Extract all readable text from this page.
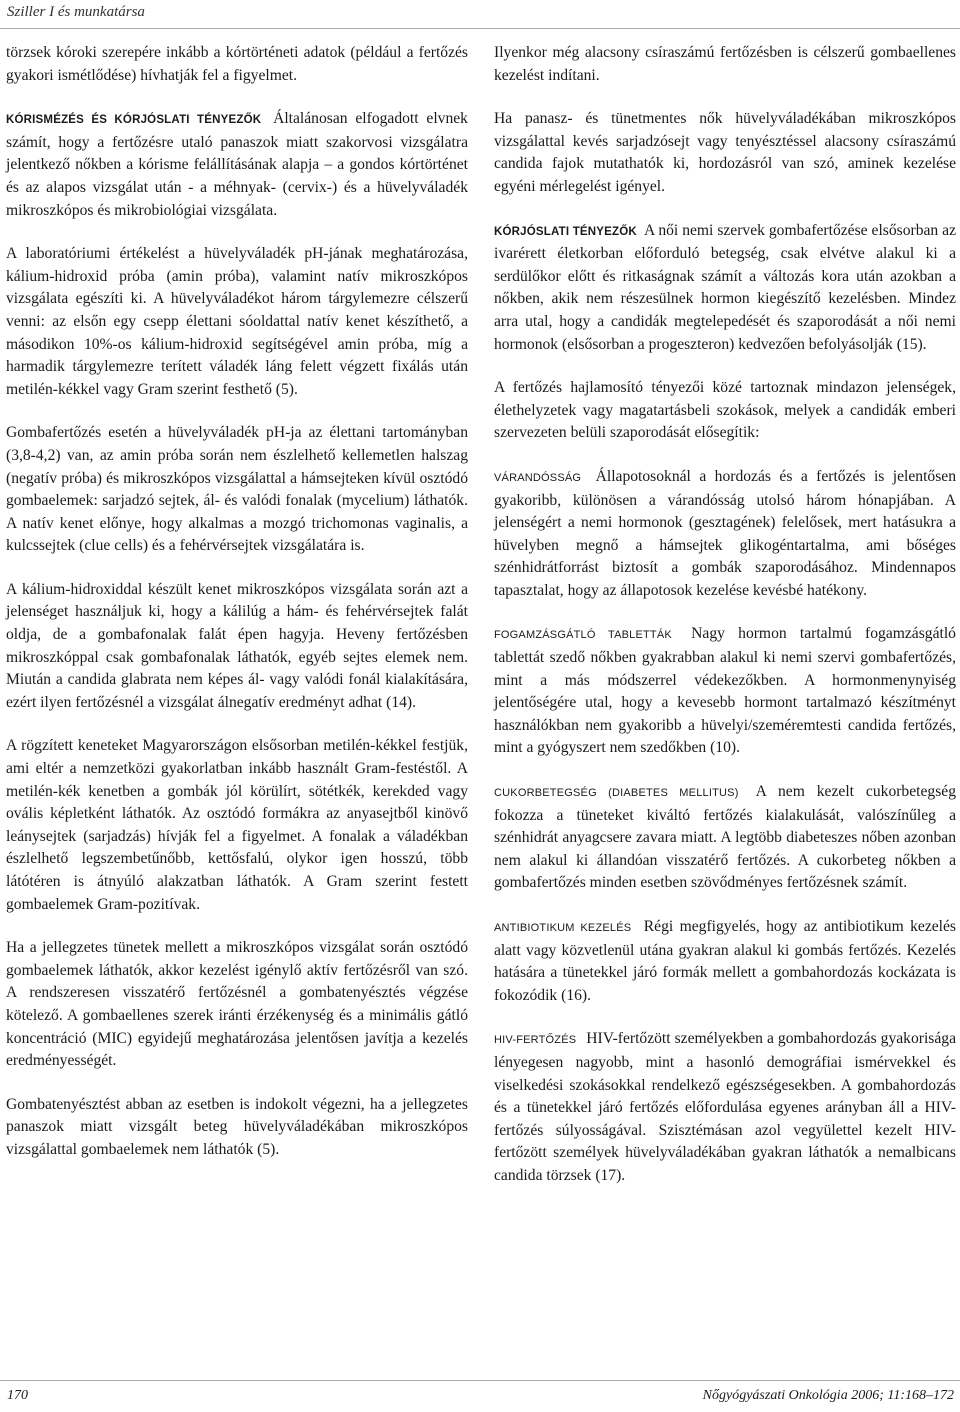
Sziller I és munkatársa

törzsek kóroki szerepére inkább a kórtörténeti adatok (például a fertőzés gyakori ismétlődése) hívhatják fel a figyelmet.

KÓRISMÉZÉS ÉS KÓRJÓSLATI TÉNYEZŐK Általánosan elfogadott elvnek számít, hogy a fertőzésre utaló panaszok miatt szakorvosi vizsgálatra jelentkező nőkben a kórisme felállításának alapja – a gondos kórtörténet és az alapos vizsgálat után - a méhnyak- (cervix-) és a hüvelyváladék mikroszkópos és mikrobiológiai vizsgálata.

A laboratóriumi értékelést a hüvelyváladék pH-jának meghatározása, kálium-hidroxid próba (amin próba), valamint natív mikroszkópos vizsgálata egészíti ki. A hüvelyváladékot három tárgylemezre célszerű venni: az elsőn egy csepp élettani sóoldattal natív kenet készíthető, a másodikon 10%-os kálium-hidroxid segítségével amin próba, míg a harmadik tárgylemezre terített váladék láng felett végzett fixálás után metilén-kékkel vagy Gram szerint festhető (5).

Gombafertőzés esetén a hüvelyváladék pH-ja az élettani tartományban (3,8-4,2) van, az amin próba során nem észlelhető kellemetlen halszag (negatív próba) és mikroszkópos vizsgálattal a hámsejteken kívül osztódó gombaelemek: sarjadzó sejtek, ál- és valódi fonalak (mycelium) láthatók. A natív kenet előnye, hogy alkalmas a mozgó trichomonas vaginalis, a kulcssejtek (clue cells) és a fehérvérsejtek vizsgálatára is.

A kálium-hidroxiddal készült kenet mikroszkópos vizsgálata során azt a jelenséget használjuk ki, hogy a kálilúg a hám- és fehérvérsejtek falát oldja, de a gombafonalak falát épen hagyja. Heveny fertőzésben mikroszkóppal csak gombafonalak láthatók, egyéb sejtes elemek nem. Miután a candida glabrata nem képes ál- vagy valódi fonál kialakítására, ezért ilyen fertőzésnél a vizsgálat álnegatív eredményt adhat (14).

A rögzített keneteket Magyarországon elsősorban metilén-kékkel festjük, ami eltér a nemzetközi gyakorlatban inkább használt Gram-festéstől. A metilén-kék kenetben a gombák jól körülírt, sötétkék, kerekded vagy ovális képletként láthatók. Az osztódó formákra az anyasejtből kinövő leánysejtek (sarjadzás) hívják fel a figyelmet. A fonalak a váladékban észlelhető legszembetűnőbb, kettősfalú, olykor igen hosszú, több látótéren is átnyúló alakzatban láthatók. A Gram szerint festett gombaelemek Gram-pozitívak.

Ha a jellegzetes tünetek mellett a mikroszkópos vizsgálat során osztódó gombaelemek láthatók, akkor kezelést igénylő aktív fertőzésről van szó. A rendszeresen visszatérő fertőzésnél a gombatenyésztés végzése kötelező. A gombaellenes szerek iránti érzékenység és a minimális gátló koncentráció (MIC) egyidejű meghatározása jelentősen javítja a kezelés eredményességét.

Gombatenyésztést abban az esetben is indokolt végezni, ha a jellegzetes panaszok miatt vizsgált beteg hüvelyváladékában mikroszkópos vizsgálattal gombaelemek nem láthatók (5).

Ilyenkor még alacsony csíraszámú fertőzésben is célszerű gombaellenes kezelést indítani.

Ha panasz- és tünetmentes nők hüvelyváladékában mikroszkópos vizsgálattal kevés sarjadzósejt vagy tenyésztéssel alacsony csíraszámú candida fajok mutathatók ki, hordozásról van szó, aminek kezelése egyéni mérlegelést igényel.

KÓRJÓSLATI TÉNYEZŐK A női nemi szervek gombafertőzése elsősorban az ivarérett életkorban előforduló betegség, csak elvétve alakul ki a serdülőkor előtt és ritkaságnak számít a változás kora után azokban a nőkben, akik nem részesülnek hormon kiegészítő kezelésben. Mindez arra utal, hogy a candidák megtelepedését és szaporodását a női nemi hormonok (elsősorban a progeszteron) kedvezően befolyásolják (15).

A fertőzés hajlamosító tényezői közé tartoznak mindazon jelenségek, élethelyzetek vagy magatartásbeli szokások, melyek a candidák emberi szervezeten belüli szaporodását elősegítik:

VÁRANDÓSSÁG Állapotosoknál a hordozás és a fertőzés is jelentősen gyakoribb, különösen a várandósság utolsó három hónapjában. A jelenségért a nemi hormonok (gesztagének) felelősek, mert hatásukra a hüvelyben megnő a hámsejtek glikogéntartalma, ami bőséges szénhidrátforrást biztosít a gombák szaporodásához. Mindennapos tapasztalat, hogy az állapotosok kezelése kevésbé hatékony.

FOGAMZÁSGÁTLÓ TABLETTÁK Nagy hormon tartalmú fogamzásgátló tablettát szedő nőkben gyakrabban alakul ki nemi szervi gombafertőzés, mint a más módszerrel védekezőkben. A hormonmenynyiség jelentőségére utal, hogy a kevesebb hormont tartalmazó készítményt használókban nem gyakoribb a hüvelyi/szeméremtesti candida fertőzés, mint a gyógyszert nem szedőkben (10).

CUKORBETEGSÉG (DIABETES MELLITUS) A nem kezelt cukorbetegség fokozza a tüneteket kiváltó fertőzés kialakulását, valószínűleg a szénhidrát anyagcsere zavara miatt. A legtöbb diabeteszes nőben azonban nem alakul ki állandóan visszatérő fertőzés. A cukorbeteg nőkben a gombafertőzés minden esetben szövődményes fertőzésnek számít.

ANTIBIOTIKUM KEZELÉS Régi megfigyelés, hogy az antibiotikum kezelés alatt vagy közvetlenül utána gyakran alakul ki gombás fertőzés. Kezelés hatására a tünetekkel járó formák mellett a gombahordozás kockázata is fokozódik (16).

HIV-FERTŐZÉS HIV-fertőzött személyekben a gombahordozás gyakorisága lényegesen nagyobb, mint a hasonló demográfiai ismérvekkel és viselkedési szokásokkal rendelkező egészségesekben. A gombahordozás és a tünetekkel járó fertőzés előfordulása egyenes arányban áll a HIV-fertőzés súlyosságával. Szisztémásan azol vegyülettel kezelt HIV-fertőzött személyek hüvelyváladékában gyakran láthatók a nemalbicans candida törzsek (17).

170	Nőgyógyászati Onkológia 2006; 11:168–172
